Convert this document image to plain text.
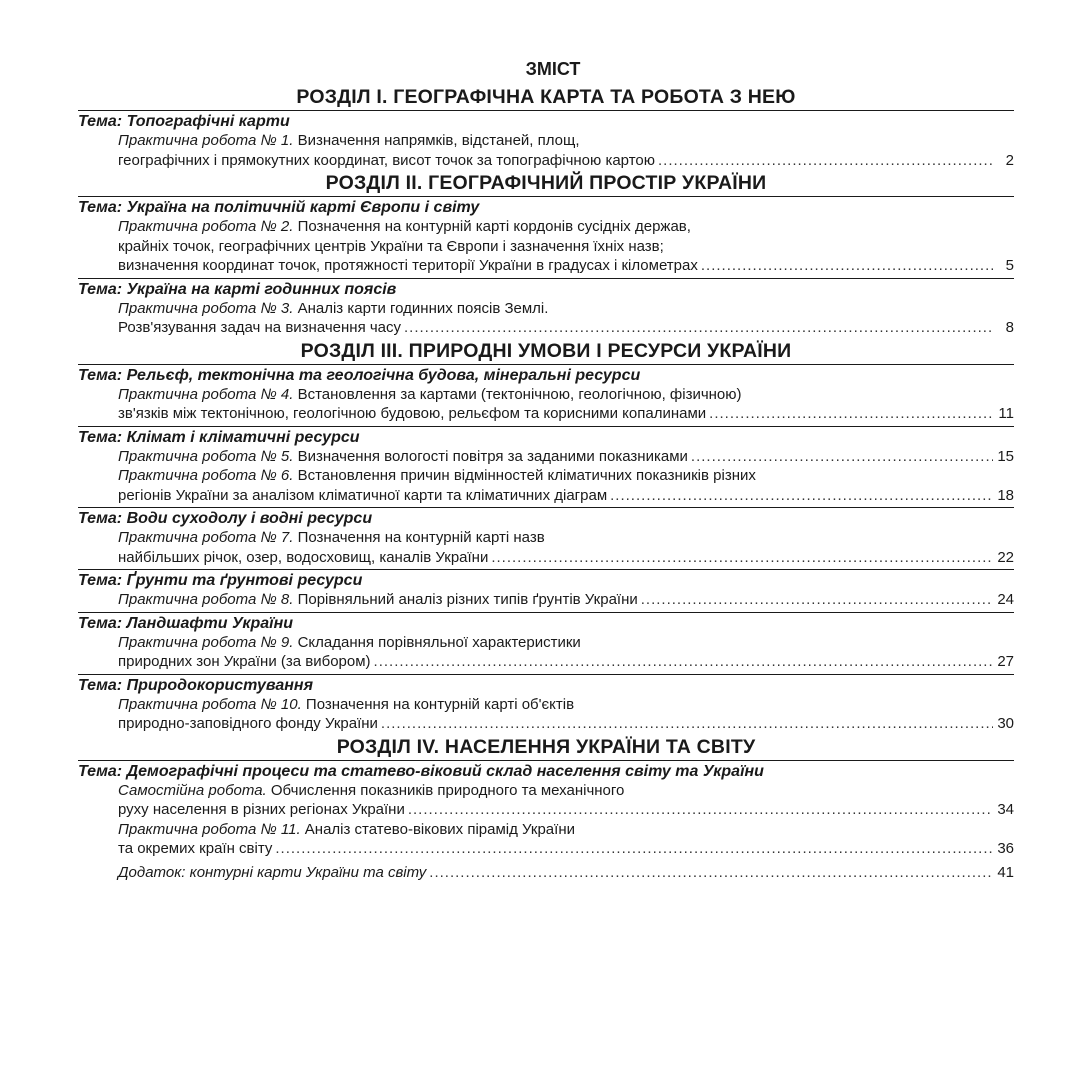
ЗМІСТ
РОЗДІЛ І. ГЕОГРАФІЧНА КАРТА ТА РОБОТА З НЕЮ
Тема: Топографічні карти
Практична робота № 1. Визначення напрямків, відстаней, площ,
географічних і прямокутних координат, висот точок за топографічною картою .....	2
РОЗДІЛ ІІ. ГЕОГРАФІЧНИЙ ПРОСТІР УКРАЇНИ
Тема: Україна на політичній карті Європи і світу
Практична робота № 2. Позначення на контурній карті кордонів сусідніх держав,
крайніх точок, географічних центрів України та Європи і зазначення їхніх назв;
визначення координат точок, протяжності території України в градусах і кілометрах .....	5
Тема: Україна на карті годинних поясів
Практична робота № 3. Аналіз карти годинних поясів Землі.
Розв'язування задач на визначення часу .....	8
РОЗДІЛ ІІІ. ПРИРОДНІ УМОВИ І РЕСУРСИ УКРАЇНИ
Тема: Рельєф, тектонічна та геологічна будова, мінеральні ресурси
Практична робота № 4. Встановлення за картами (тектонічною, геологічною, фізичною)
зв'язків між тектонічною, геологічною будовою, рельєфом та корисними копалинами .....	11
Тема: Клімат і кліматичні ресурси
Практична робота № 5. Визначення вологості повітря за заданими показниками .....	15
Практична робота № 6. Встановлення причин відмінностей кліматичних показників різних
регіонів України за аналізом кліматичної карти та кліматичних діаграм .....	18
Тема: Води суходолу і водні ресурси
Практична робота № 7. Позначення на контурній карті назв
найбільших річок, озер, водосховищ, каналів України .....	22
Тема: Ґрунти та ґрунтові ресурси
Практична робота № 8. Порівняльний аналіз різних типів ґрунтів України .....	24
Тема: Ландшафти України
Практична робота № 9. Складання порівняльної характеристики
природних зон України (за вибором) .....	27
Тема: Природокористування
Практична робота № 10. Позначення на контурній карті об'єктів
природно-заповідного фонду України .....	30
РОЗДІЛ IV. НАСЕЛЕННЯ УКРАЇНИ ТА СВІТУ
Тема: Демографічні процеси та статево-віковий склад населення світу та України
Самостійна робота. Обчислення показників природного та механічного
руху населення в різних регіонах України .....	34
Практична робота № 11. Аналіз статево-вікових пірамід України
та окремих країн світу .....	36
Додаток: контурні карти України та світу .....	41
